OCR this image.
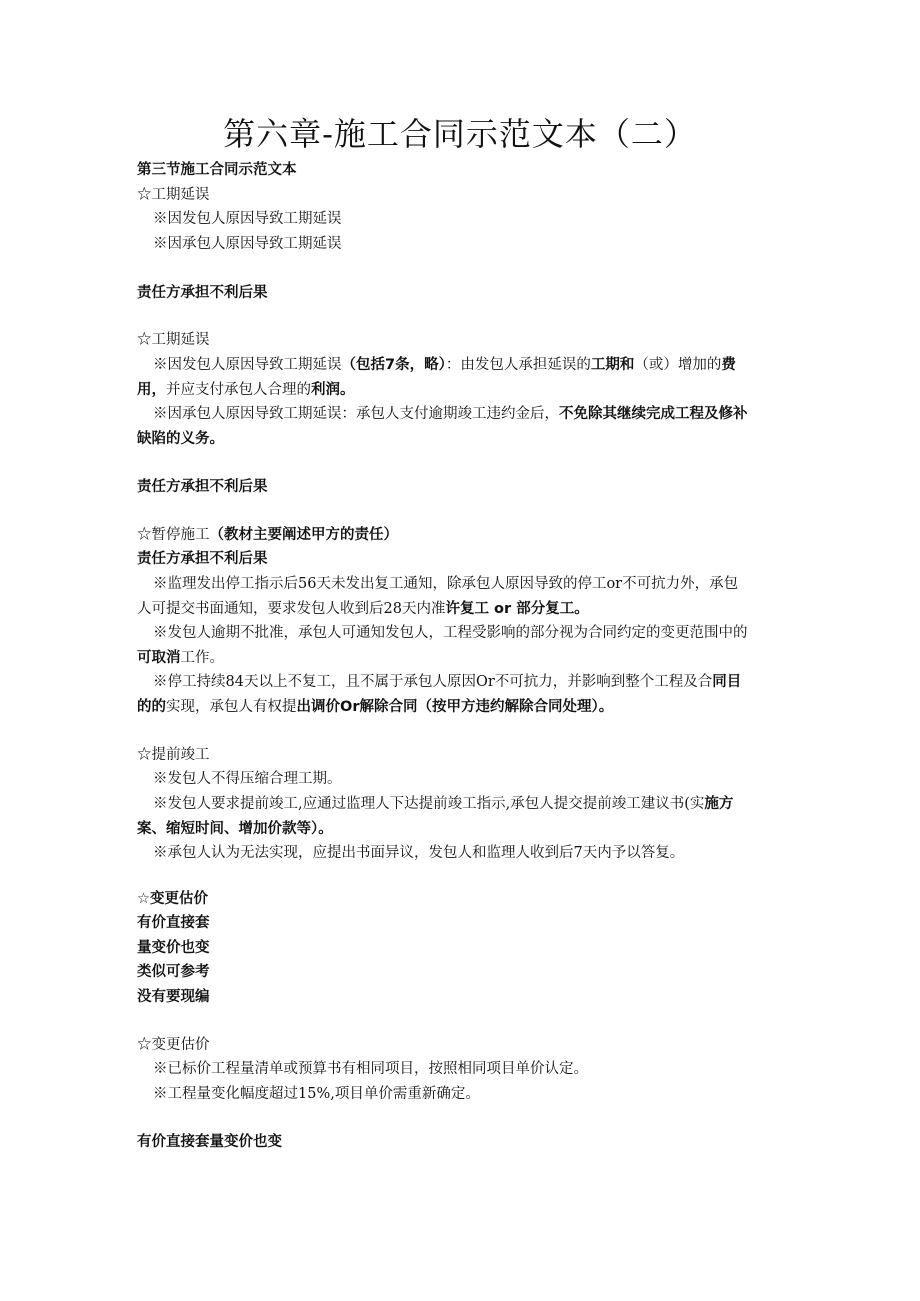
第六章-施工合同示范文本（二）
第三节施工合同示范文本
☆工期延误
※因发包人原因导致工期延误
※因承包人原因导致工期延误
责任方承担不利后果
☆工期延误
※因发包人原因导致工期延误（包括7条，略）：由发包人承担延误的工期和（或）增加的费
用，并应支付承包人合理的利润。
※因承包人原因导致工期延误：承包人支付逾期竣工违约金后，不免除其继续完成工程及修补
缺陷的义务。
责任方承担不利后果
☆暂停施工（教材主要阐述甲方的责任）
责任方承担不利后果
※监理发出停工指示后56天未发出复工通知，除承包人原因导致的停工or不可抗力外，承包
人可提交书面通知，要求发包人收到后28天内准许复工 or 部分复工。
※发包人逾期不批准，承包人可通知发包人，工程受影响的部分视为合同约定的变更范围中的
可取消工作。
※停工持续84天以上不复工，且不属于承包人原因Or不可抗力，并影响到整个工程及合同目
的的实现，承包人有权提出调价Or解除合同（按甲方违约解除合同处理）。
☆提前竣工
※发包人不得压缩合理工期。
※发包人要求提前竣工,应通过监理人下达提前竣工指示,承包人提交提前竣工建议书(实施方
案、缩短时间、增加价款等）。
※承包人认为无法实现，应提出书面异议，发包人和监理人收到后7天内予以答复。
☆变更估价
有价直接套
量变价也变
类似可参考
没有要现编
☆变更估价
※已标价工程量清单或预算书有相同项目，按照相同项目单价认定。
※工程量变化幅度超过15%,项目单价需重新确定。
有价直接套量变价也变
